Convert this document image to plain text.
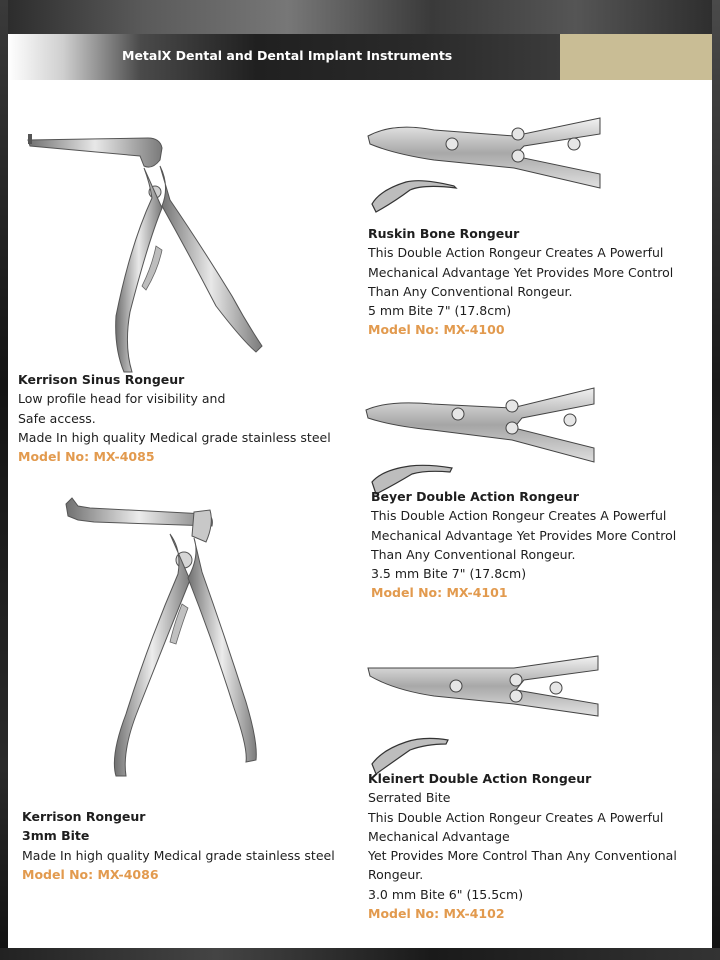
MetalX Dental and Dental Implant Instruments
Kerrison Sinus Rongeur
Low profile head for visibility and
Safe access.
Made In high quality Medical grade stainless steel
Model No: MX-4085
Kerrison Rongeur
3mm Bite
Made In high quality Medical grade stainless steel
Model No: MX-4086
Ruskin Bone Rongeur
This Double Action Rongeur Creates A Powerful
Mechanical Advantage Yet Provides More Control
Than Any Conventional Rongeur.
5 mm Bite 7" (17.8cm)
Model No: MX-4100
Beyer Double Action Rongeur
This Double Action Rongeur Creates A Powerful
Mechanical Advantage Yet Provides More Control
Than Any Conventional Rongeur.
3.5 mm Bite 7" (17.8cm)
Model No: MX-4101
Kleinert Double Action Rongeur
Serrated Bite
This Double Action Rongeur Creates A Powerful
Mechanical Advantage
Yet Provides More Control Than Any Conventional
Rongeur.
3.0 mm Bite 6" (15.5cm)
Model No: MX-4102
